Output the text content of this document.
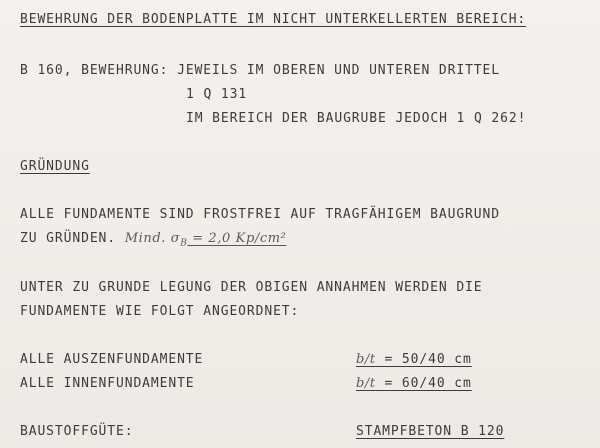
BEWEHRUNG DER BODENPLATTE IM NICHT UNTERKELLERTEN BEREICH:
B 160, BEWEHRUNG: JEWEILS IM OBEREN UND UNTEREN DRITTEL
1 Q 131
IM BEREICH DER BAUGRUBE JEDOCH 1 Q 262!
GRÜNDUNG
ALLE FUNDAMENTE SIND FROSTFREI AUF TRAGFÄHIGEM BAUGRUND
ZU GRÜNDEN. Mind. $\sigma_B = 2,0$ Kp/cm²
UNTER ZU GRUNDE LEGUNG DER OBIGEN ANNAHMEN WERDEN DIE
FUNDAMENTE WIE FOLGT ANGEORDNET:
ALLE AUSZENFUNDAMENTE	b/t = 50/40 cm
ALLE INNENFUNDAMENTE	b/t = 60/40 cm
BAUSTOFFGÜTE:	STAMPFBETON B 120
